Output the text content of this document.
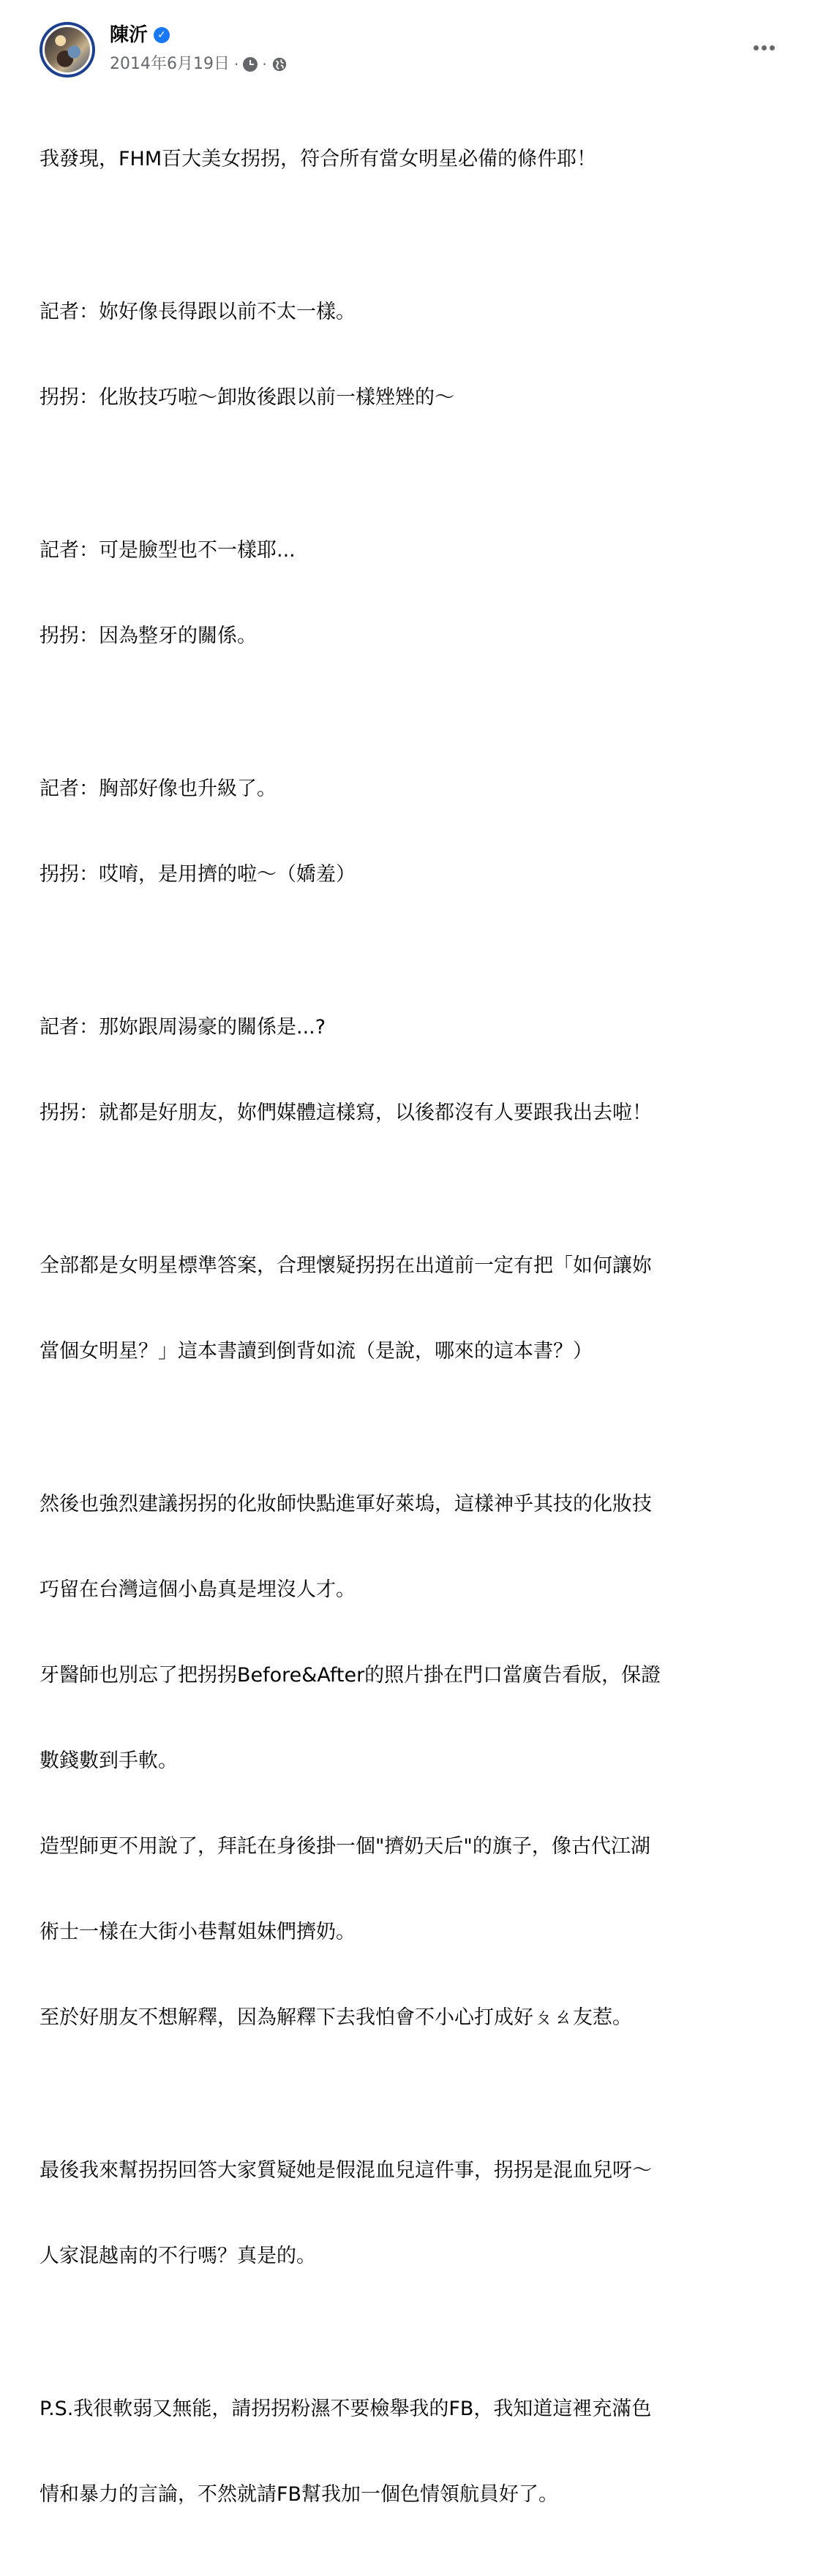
陳沂 ✓
2014年6月19日 · ·

我發現，FHM百大美女拐拐，符合所有當女明星必備的條件耶！

記者：妳好像長得跟以前不太一樣。

拐拐：化妝技巧啦～卸妝後跟以前一樣矬矬的～

記者：可是臉型也不一樣耶...

拐拐：因為整牙的關係。

記者：胸部好像也升級了。

拐拐：哎唷，是用擠的啦～（嬌羞）

記者：那妳跟周湯豪的關係是...?

拐拐：就都是好朋友，妳們媒體這樣寫，以後都沒有人要跟我出去啦！

全部都是女明星標準答案，合理懷疑拐拐在出道前一定有把「如何讓妳

當個女明星？」這本書讀到倒背如流（是說，哪來的這本書？）

然後也強烈建議拐拐的化妝師快點進軍好萊塢，這樣神乎其技的化妝技

巧留在台灣這個小島真是埋沒人才。

牙醫師也別忘了把拐拐Before&After的照片掛在門口當廣告看版，保證

數錢數到手軟。

造型師更不用說了，拜託在身後掛一個"擠奶天后"的旗子，像古代江湖

術士一樣在大街小巷幫姐妹們擠奶。

至於好朋友不想解釋，因為解釋下去我怕會不小心打成好ㄆㄠ友惹。

最後我來幫拐拐回答大家質疑她是假混血兒這件事，拐拐是混血兒呀～

人家混越南的不行嗎？真是的。

P.S.我很軟弱又無能，請拐拐粉濕不要檢舉我的FB，我知道這裡充滿色

情和暴力的言論，不然就請FB幫我加一個色情領航員好了。
